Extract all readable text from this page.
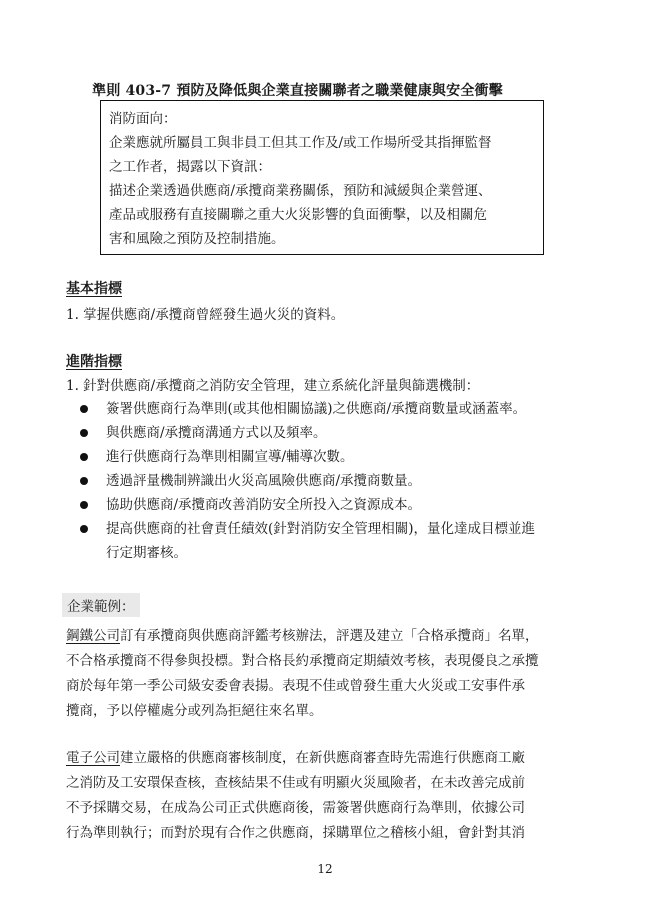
準則 403-7 預防及降低與企業直接關聯者之職業健康與安全衝擊
消防面向：
企業應就所屬員工與非員工但其工作及/或工作場所受其指揮監督
之工作者，揭露以下資訊：
描述企業透過供應商/承攬商業務關係，預防和減緩與企業營運、
產品或服務有直接關聯之重大火災影響的負面衝擊，以及相關危
害和風險之預防及控制措施。
基本指標
1. 掌握供應商/承攬商曾經發生過火災的資料。
進階指標
1. 針對供應商/承攬商之消防安全管理，建立系統化評量與篩選機制：
簽署供應商行為準則(或其他相關協議)之供應商/承攬商數量或涵蓋率。
與供應商/承攬商溝通方式以及頻率。
進行供應商行為準則相關宣導/輔導次數。
透過評量機制辨識出火災高風險供應商/承攬商數量。
協助供應商/承攬商改善消防安全所投入之資源成本。
提高供應商的社會責任績效(針對消防安全管理相關)，量化達成目標並進
行定期審核。
企業範例：
鋼鐵公司訂有承攬商與供應商評鑑考核辦法，評選及建立「合格承攬商」名單，
不合格承攬商不得參與投標。對合格長約承攬商定期績效考核，表現優良之承攬
商於每年第一季公司級安委會表揚。表現不佳或曾發生重大火災或工安事件承
攬商，予以停權處分或列為拒絕往來名單。
電子公司建立嚴格的供應商審核制度，在新供應商審查時先需進行供應商工廠
之消防及工安環保查核，查核結果不佳或有明顯火災風險者，在未改善完成前
不予採購交易，在成為公司正式供應商後，需簽署供應商行為準則，依據公司
行為準則執行；而對於現有合作之供應商，採購單位之稽核小組，會針對其消
12
